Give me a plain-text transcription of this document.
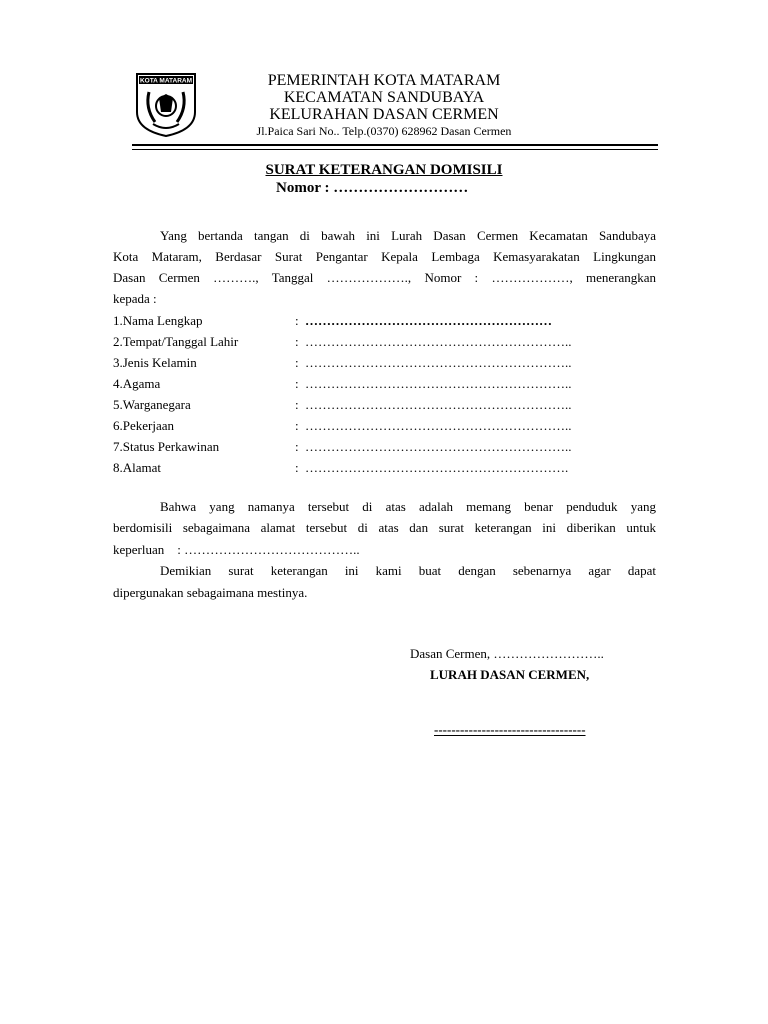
KOTA MATARAM	PEMERINTAH KOTA MATARAM
KECAMATAN SANDUBAYA
KELURAHAN DASAN CERMEN
Jl.Paica Sari No.. Telp.(0370) 628962 Dasan Cermen
SURAT KETERANGAN DOMISILI
Nomor : ………………………
Yang bertanda tangan di bawah ini Lurah Dasan Cermen Kecamatan Sandubaya
Kota Mataram, Berdasar Surat Pengantar Kepala Lembaga Kemasyarakatan Lingkungan
Dasan Cermen ………., Tanggal ………………., Nomor : ………………, menerangkan
kepada :
1.Nama Lengkap	: …………………………………………………
2.Tempat/Tanggal Lahir	: ……………………………………………………..
3.Jenis Kelamin	: ……………………………………………………..
4.Agama	: ……………………………………………………..
5.Warganegara	: ……………………………………………………..
6.Pekerjaan	: ……………………………………………………..
7.Status Perkawinan	: ……………………………………………………..
8.Alamat	: …………………………………………………….
Bahwa yang namanya tersebut di atas adalah memang benar penduduk yang
berdomisili sebagaimana alamat tersebut di atas dan surat keterangan ini diberikan untuk
keperluan    : …………………………………..
Demikian surat keterangan ini kami buat dengan sebenarnya agar dapat
dipergunakan sebagaimana mestinya.
Dasan Cermen, ……………………..
LURAH DASAN CERMEN,
-----------------------------------
